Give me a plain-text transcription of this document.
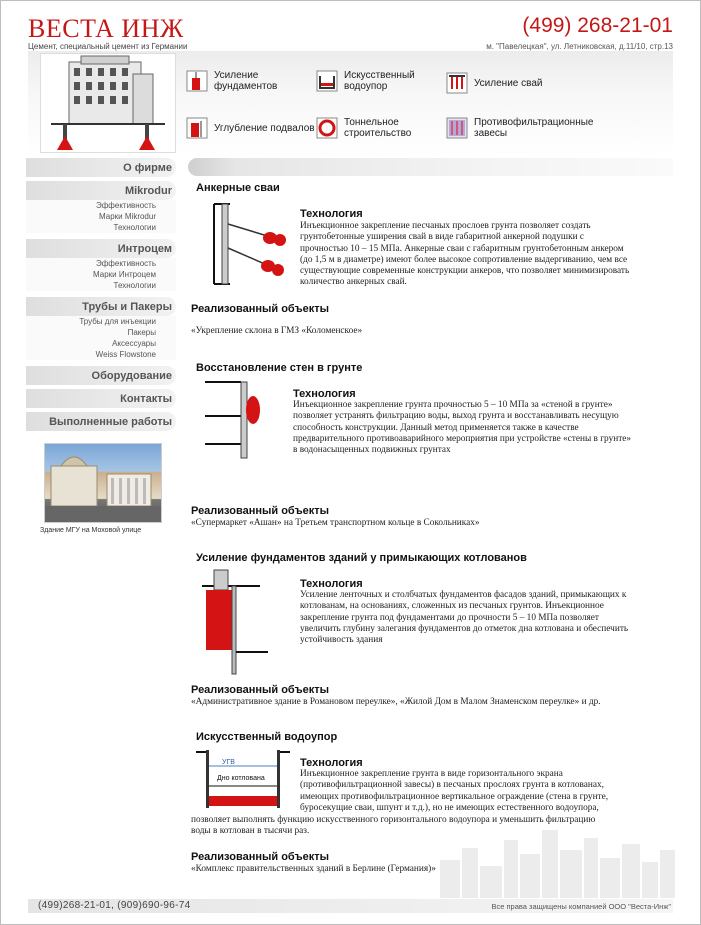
ВЕСТА ИНЖ
Цемент, специальный цемент из Германии
(499) 268-21-01
м. "Павелецкая", ул. Летниковская, д.11/10, стр.13
Усиление фундаментов
Искусственный водоупор	Усиление свай
Углубление подвалов	Тоннельное строительство
Противофильтрационные завесы
О фирме
Mikrodur
Эффективность
Марки Mikrodur
Технологии
Интроцем
Эффективность
Марки Интроцем
Технологии
Трубы и Пакеры
Трубы для инъекции
Пакеры
Аксессуары
Weiss Flowstone
Оборудование
Контакты
Выполненные работы
Здание МГУ на Моховой улице
Анкерные сваи
Технология
Инъекционное закрепление песчаных прослоев грунта позволяет создать
грунтобетонные уширения свай в виде габаритной анкерной подушки с
прочностью 10 – 15 МПа. Анкерные сваи с габаритным грунтобетонным анкером
(до 1,5 м в диаметре) имеют более высокое сопротивление выдергиванию, чем все
существующие современные конструкции анкеров, что позволяет минимизировать
количество анкерных свай.
Реализованный объекты
«Укрепление склона в ГМЗ «Коломенское»
Восстановление стен в грунте
Технология
Инъекционное закрепление грунта прочностью 5 – 10 МПа за «стеной в грунте»
позволяет устранять фильтрацию воды, выход грунта и восстанавливать несущую
способность конструкции. Данный метод применяется также в качестве
предварительного противоаварийного мероприятия при устройстве «стены в грунте»
в водонасыщенных подвижных грунтах
Реализованный объекты
«Супермаркет «Ашан» на Третьем транспортном кольце в Сокольниках»
Усиление фундаментов зданий у примыкающих котлованов
Технология
Усиление ленточных и столбчатых фундаментов фасадов зданий, примыкающих к
котлованам, на основаниях, сложенных из песчаных грунтов. Инъекционное
закрепление грунта под фундаментами до прочности 5 – 10 МПа позволяет
увеличить глубину залегания фундаментов до отметок дна котлована и обеспечить
устойчивость здания
Реализованный объекты
«Административное здание в Романовом переулке», «Жилой Дом в Малом Знаменском переулке» и др.
Искусственный водоупор
УГВ
Дно котлована
Технология
Инъекционное закрепление грунта в виде горизонтального экрана
(противофильтрационной завесы) в песчаных прослоях грунта в котлованах,
имеющих противофильтрационное вертикальное ограждение (стена в грунте,
буросекущие сваи, шпунт и т.д.), но не имеющих естественного водоупора,
позволяет выполнять функцию искусственного горизонтального водоупора и уменьшить фильтрацию
воды в котлован в тысячи раз.
Реализованный объекты
«Комплекс правительственных зданий в Берлине (Германия)»
(499)268-21-01, (909)690-96-74	Все права защищены компанией ООО "Веста-Инж"
